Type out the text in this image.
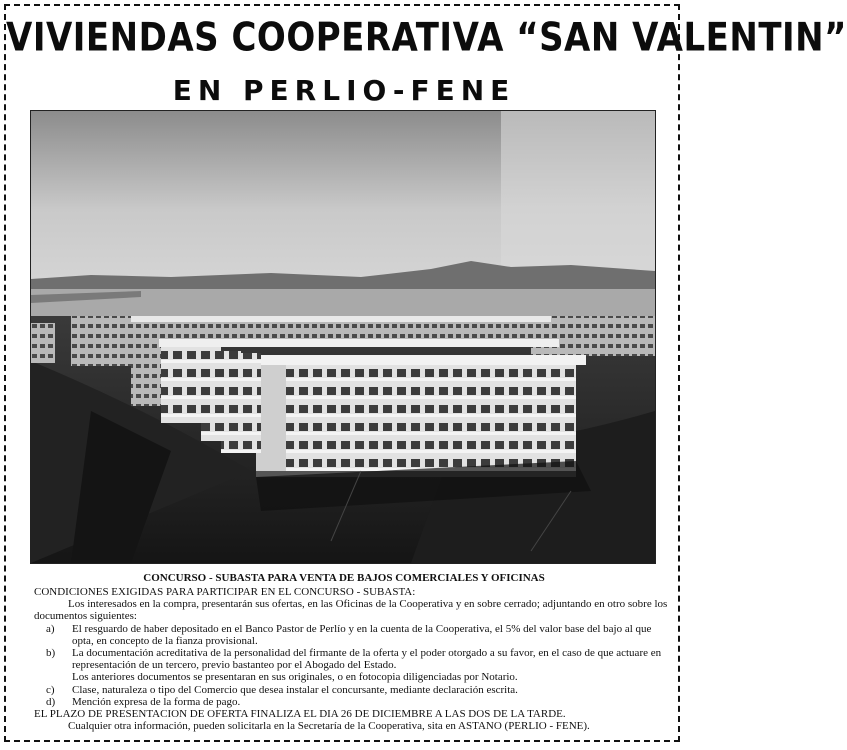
VIVIENDAS COOPERATIVA “SAN VALENTIN”
EN PERLIO-FENE
CONCURSO - SUBASTA PARA VENTA DE BAJOS COMERCIALES Y OFICINAS

CONDICIONES EXIGIDAS PARA PARTICIPAR EN EL CONCURSO - SUBASTA:

Los interesados en la compra, presentarán sus ofertas, en las Oficinas de la Cooperativa y en sobre cerrado; adjuntando en otro sobre los documentos siguientes:

a)	El resguardo de haber depositado en el Banco Pastor de Perlío y en la cuenta de la Cooperativa, el 5% del valor base del bajo al que opta, en concepto de la fianza provisional.
b)	La documentación acreditativa de la personalidad del firmante de la oferta y el poder otorgado a su favor, en el caso de que actuare en representación de un tercero, previo bastanteo por el Abogado del Estado.

Los anteriores documentos se presentaran en sus originales, o en fotocopia diligenciadas por Notario.

c)	Clase, naturaleza o tipo del Comercio que desea instalar el concursante, mediante declaración escrita.
d)	Mención expresa de la forma de pago.

EL PLAZO DE PRESENTACION DE OFERTA FINALIZA EL DIA 26 DE DICIEMBRE A LAS DOS DE LA TARDE.

Cualquier otra información, pueden solicitarla en la Secretaría de la Cooperativa, sita en ASTANO (PERLIO - FENE).
